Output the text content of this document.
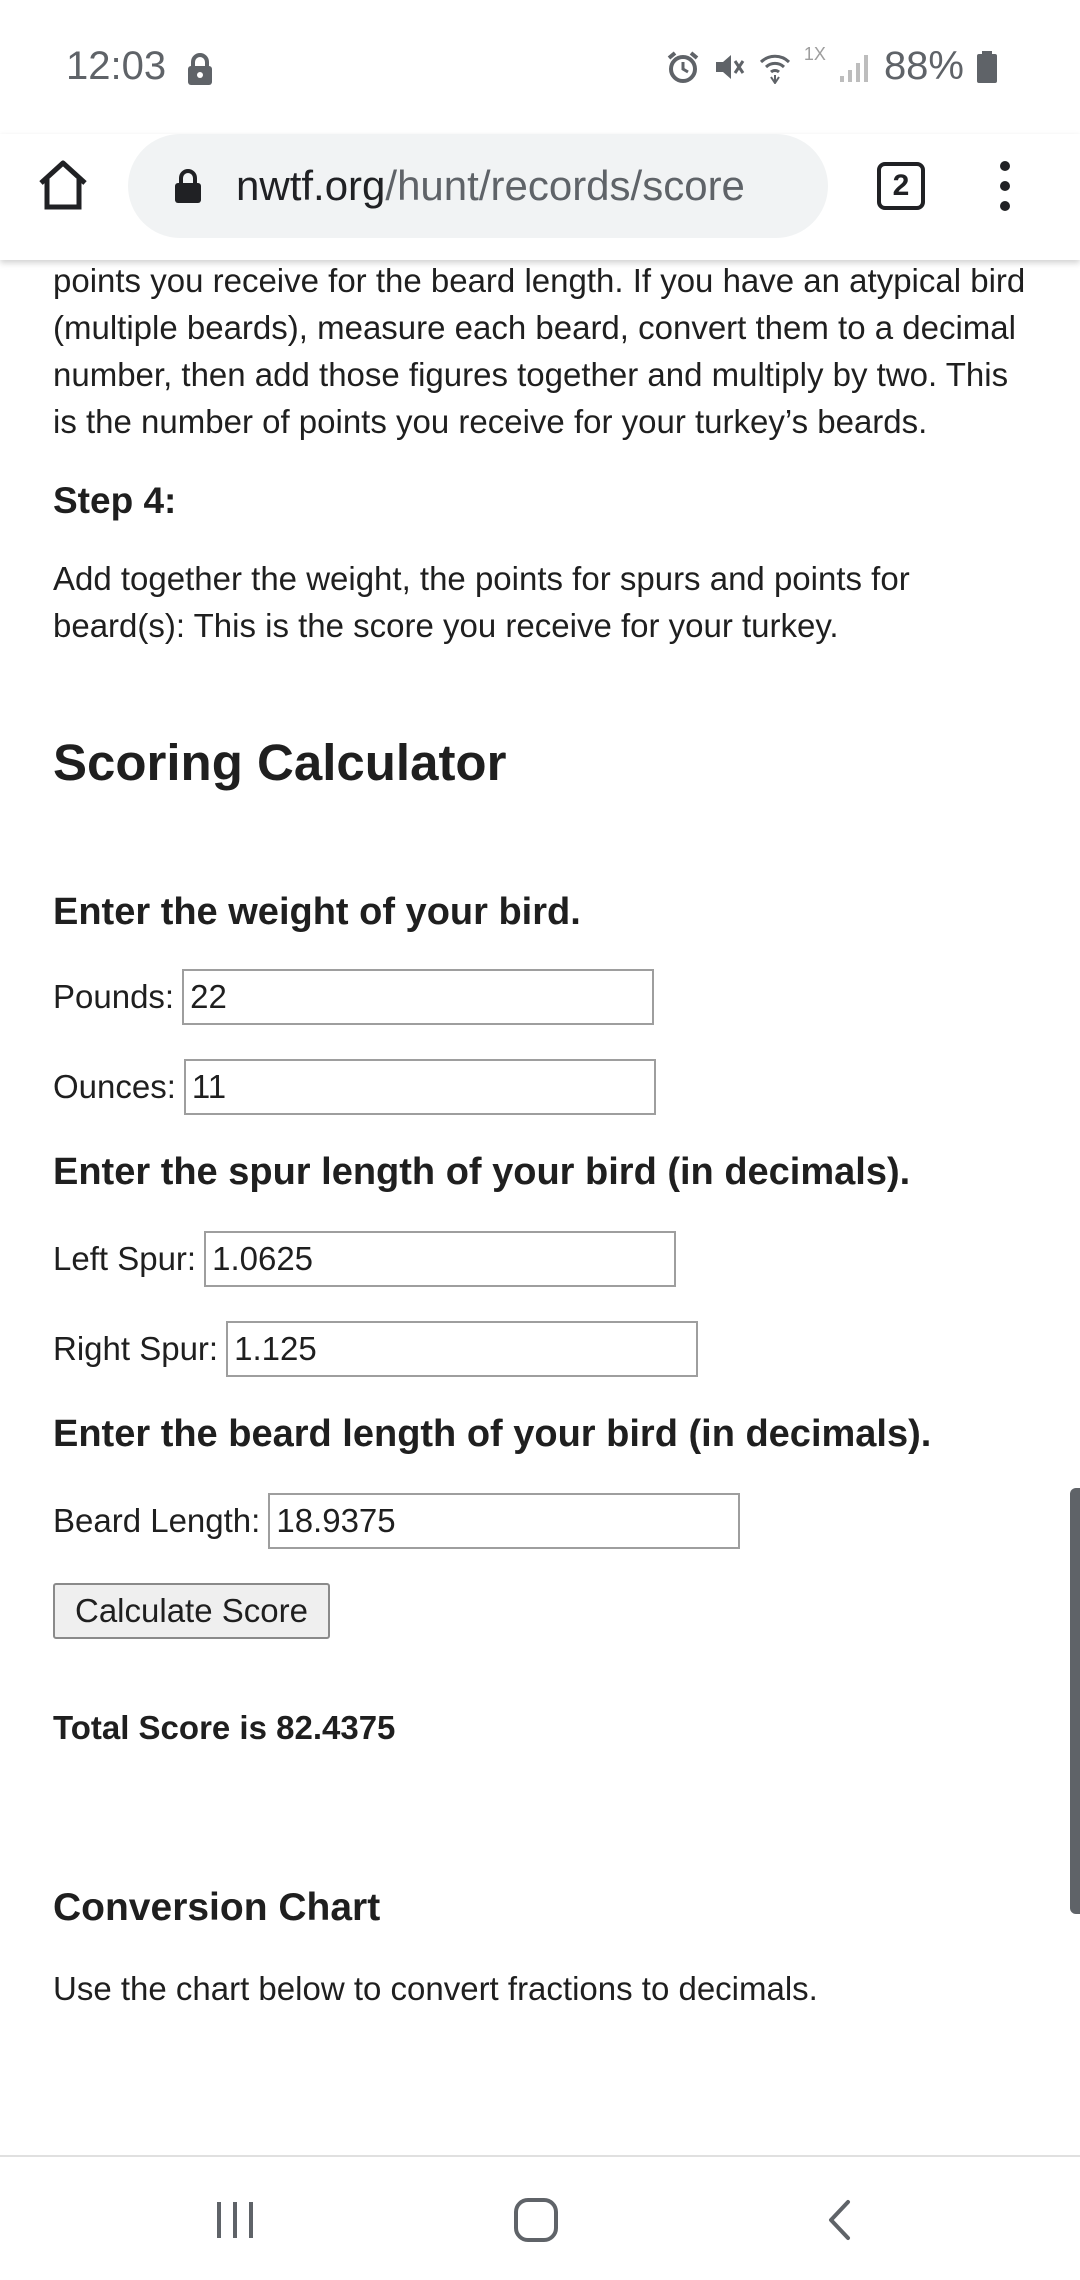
12:03	1X 88%
nwtf.org/hunt/records/score	2

points you receive for the beard length. If you have an atypical bird (multiple beards), measure each beard, convert them to a decimal number, then add those figures together and multiply by two. This is the number of points you receive for your turkey’s beards.

Step 4:

Add together the weight, the points for spurs and points for beard(s): This is the score you receive for your turkey.

Scoring Calculator
Enter the weight of your bird.
Pounds:
22
Ounces:
11
Enter the spur length of your bird (in decimals).
Left Spur:
1.0625
Right Spur:
1.125
Enter the beard length of your bird (in decimals).
Beard Length:
18.9375
Calculate Score

Total Score is 82.4375

Conversion Chart

Use the chart below to convert fractions to decimals.
